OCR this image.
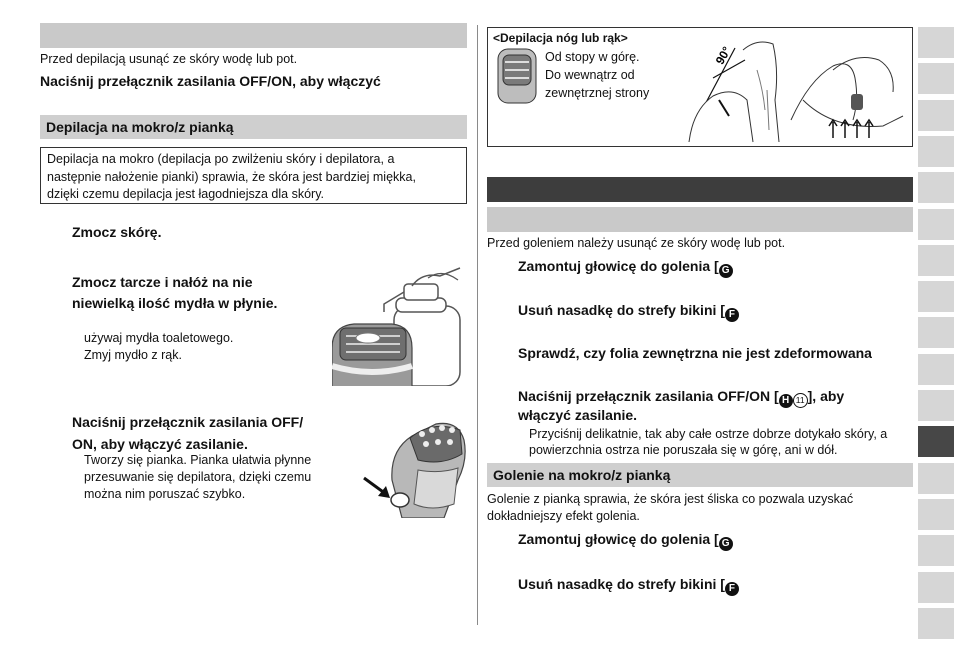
Przed depilacją usunąć ze skóry wodę lub pot.
Naciśnij przełącznik zasilania OFF/ON, aby włączyć
Depilacja na mokro/z pianką
Depilacja na mokro (depilacja po zwilżeniu skóry i depilatora, a
następnie nałożenie pianki) sprawia, że skóra jest bardziej miękka,
dzięki czemu depilacja jest łagodniejsza dla skóry.
Zmocz skórę.
Zmocz tarcze i nałóż na nie
niewielką ilość mydła w płynie.
używaj mydła toaletowego.
Zmyj mydło z rąk.
Naciśnij przełącznik zasilania OFF/
ON, aby włączyć zasilanie.
Tworzy się pianka. Pianka ułatwia płynne
przesuwanie się depilatora, dzięki czemu
można nim poruszać szybko.
<Depilacja nóg lub rąk>
Od stopy w górę.
Do wewnątrz od
zewnętrznej strony
90°
Przed goleniem należy usunąć ze skóry wodę lub pot.
Zamontuj głowicę do golenia [ G
Usuń nasadkę do strefy bikini [ F
Sprawdź, czy folia zewnętrzna nie jest zdeformowana
Naciśnij przełącznik zasilania OFF/ON [ H 11 ], aby
włączyć zasilanie.
Przyciśnij delikatnie, tak aby całe ostrze dobrze dotykało skóry, a
powierzchnia ostrza nie poruszała się w górę, ani w dół.
Golenie na mokro/z pianką
Golenie z pianką sprawia, że skóra jest śliska co pozwala uzyskać
dokładniejszy efekt golenia.
Zamontuj głowicę do golenia [ G
Usuń nasadkę do strefy bikini [ F
